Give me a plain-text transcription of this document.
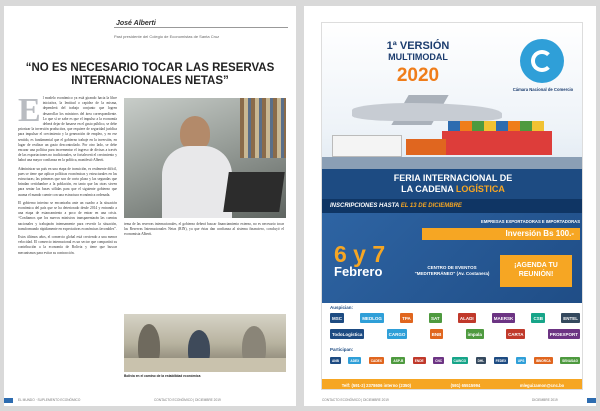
José Alberti
Past presidente del Colegio de Economistas de Santa Cruz
“NO ES NECESARIO TOCAR LAS RESERVAS
INTERNACIONALES NETAS”

El modelo económico ya está girando hacia la libre iniciativa, la lentitud o rapidez de la misma, dependerá del trabajo conjunto que logren desarrollar los ministros del área correspondiente. Lo que sí se sabe es que el impulso a la economía deberá dejar de basarse en el gasto público, se debe priorizar la inversión productiva, que requiere de seguridad jurídica para impulsar el crecimiento y la generación de empleo, y en ese sentido, es fundamental que el gobierno trabaje en la inversión, en lugar de realizar un gasto descontrolado. Por otro lado, se debe encarar una política para incrementar el ingreso de divisas a través de las exportaciones no tradicionales, se fortalecerá el crecimiento y habrá una mayor confianza en la política, manifestó Alberti.

Administrar un país en una etapa de transición, es realmente difícil, pues se tiene que aplicar políticas económicas y estructurales en las estructuras; las primeras que son de corto plazo y las segundas que brindan certidumbre a la población, en tanto que las otras sirven para sentar las bases sólidas para que el siguiente gobierno que asuma el mando cuente con una estructura económica ordenada.

El gobierno interino se encontraba ante un cuadro a la situación económica del país que se ha deteriorado desde 2014 y entrando a una etapa de estancamiento a poco de entrar en una crisis. “Confiamos que los nuevos ministros transparentarán las cuentas nacionales y trabajarán intensamente para revertir la situación, transformando rápidamente en expectativas económicas favorables”.

Estos últimos años, el comercio global está creciendo a una menor velocidad. El comercio internacional es un sector que compartirá su contribución a la economía de Bolivia y tiene que buscar mecanismos para evitar su contracción.

tema de las reservas internacionales, el gobierno deberá buscar financiamiento externo, no es necesario tocar las Reservas Internacionales Netas (RIN), ya que éstas dan confianza al sistema financiero, concluyó el economista Alberti.

Bolivia en el camino de la estabilidad económica
EL MUNDO · SUPLEMENTO ECONÓMICO	CONTACTO ECONÓMICO | DICIEMBRE 2019
1ª VERSIÓN
MULTIMODAL
2020
Cámara Nacional de Comercio
FERIA INTERNACIONAL DE
LA CADENA LOGÍSTICA
INSCRIPCIONES HASTA EL 13 DE DICIEMBRE
EMPRESAS EXPORTADORAS E IMPORTADORAS
Inversión Bs 100.-
6 y 7
Febrero	CENTRO DE EVENTOS "MEDITERRÁNEO" (Av. Costanera)
¡AGENDA TU REUNIÓN!
Auspician:
MSC	MEDLOG	TPA	SAT	ALADI	MAERSK	CSB	ENTEL
TodoLogística	CARGO	BNB	impala	CARTA	PROEXPORT
Participan:
ANB	ADEX	CADEX	ASP-B	ENDE	CNC	CAINCO	DHL	FEDEX	UPS	IBNORCA	SENASAG
Telf: (591-2) 2378606 interno (2350)	(591) 65515994	mleguizamon@cnc.bo
CONTACTO ECONÓMICO | DICIEMBRE 2019	DICIEMBRE 2019
